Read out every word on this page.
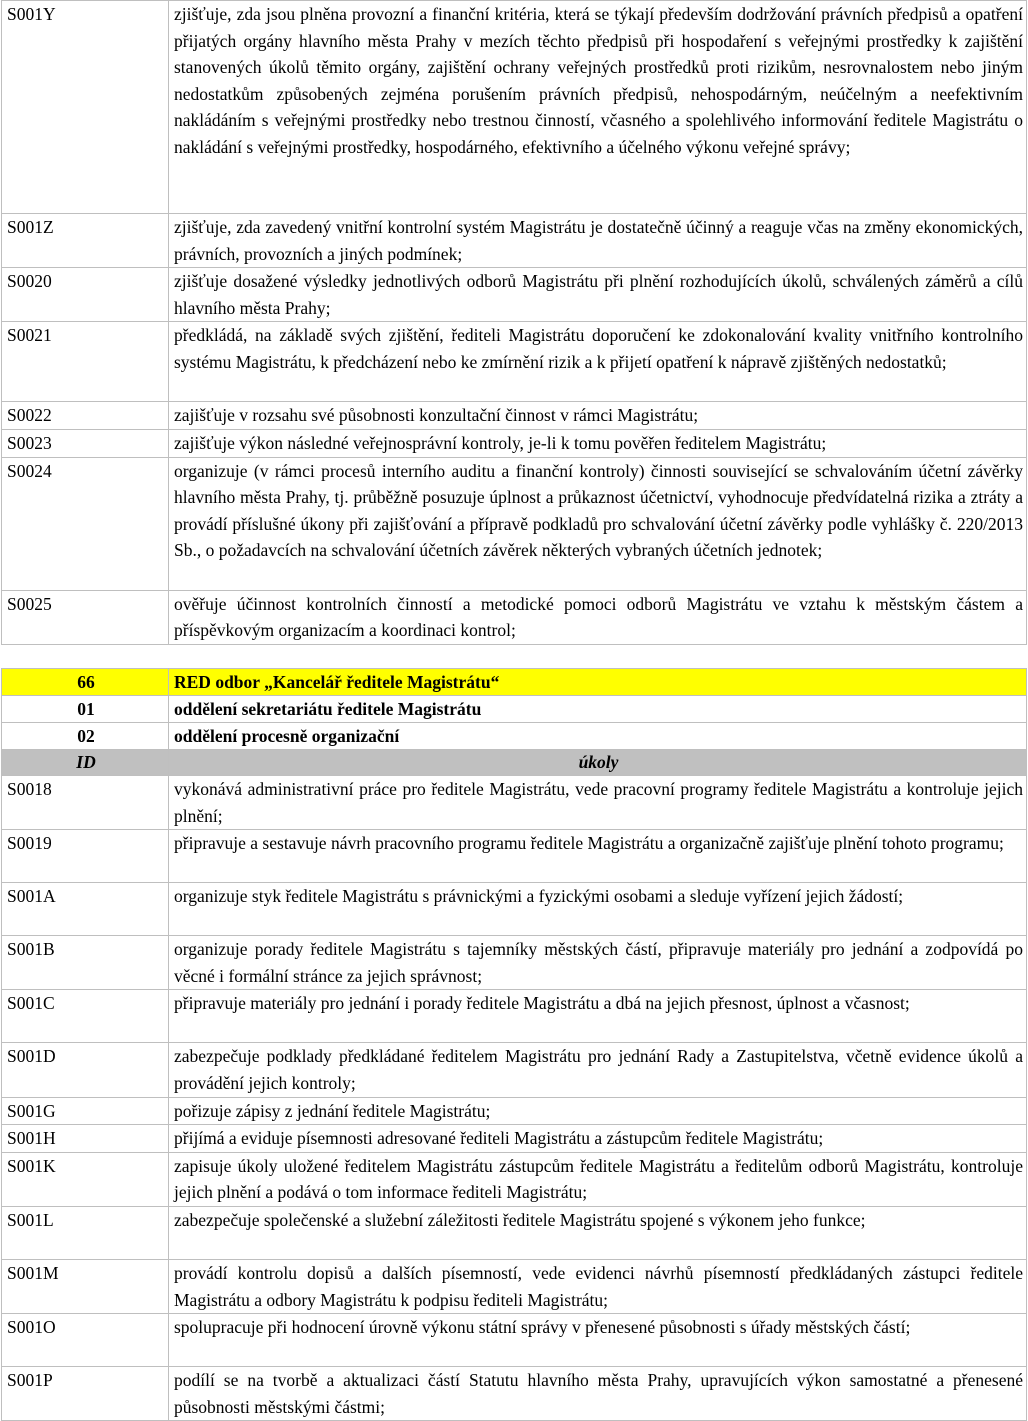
S001Y	zjišťuje, zda jsou plněna provozní a finanční kritéria, která se týkají především dodržování právních předpisů a opatření přijatých orgány hlavního města Prahy v mezích těchto předpisů při hospodaření s veřejnými prostředky k zajištění stanovených úkolů těmito orgány, zajištění ochrany veřejných prostředků proti rizikům, nesrovnalostem nebo jiným nedostatkům způsobených zejména porušením právních předpisů, nehospodárným, neúčelným a neefektivním nakládáním s veřejnými prostředky nebo trestnou činností, včasného a spolehlivého informování ředitele Magistrátu o nakládání s veřejnými prostředky, hospodárného, efektivního a účelného výkonu veřejné správy;
S001Z	zjišťuje, zda zavedený vnitřní kontrolní systém Magistrátu je dostatečně účinný a reaguje včas na změny ekonomických, právních, provozních a jiných podmínek;
S0020	zjišťuje dosažené výsledky jednotlivých odborů Magistrátu při plnění rozhodujících úkolů, schválených záměrů a cílů hlavního města Prahy;
S0021	předkládá, na základě svých zjištění, řediteli Magistrátu doporučení ke zdokonalování kvality vnitřního kontrolního systému Magistrátu, k předcházení nebo ke zmírnění rizik a k přijetí opatření k nápravě zjištěných nedostatků;
S0022	zajišťuje v rozsahu své působnosti konzultační činnost v rámci Magistrátu;
S0023	zajišťuje výkon následné veřejnosprávní kontroly, je-li k tomu pověřen ředitelem Magistrátu;
S0024	organizuje (v rámci procesů interního auditu a finanční kontroly) činnosti související se schvalováním účetní závěrky hlavního města Prahy, tj. průběžně posuzuje úplnost a průkaznost účetnictví, vyhodnocuje předvídatelná rizika a ztráty a provádí příslušné úkony při zajišťování a přípravě podkladů pro schvalování účetní závěrky podle vyhlášky č. 220/2013 Sb., o požadavcích na schvalování účetních závěrek některých vybraných účetních jednotek;
S0025	ověřuje účinnost kontrolních činností a metodické pomoci odborů Magistrátu ve vztahu k městským částem a příspěvkovým organizacím a koordinaci kontrol;
66	RED odbor „Kancelář ředitele Magistrátu“
01	oddělení sekretariátu ředitele Magistrátu
02	oddělení procesně organizační
ID	úkoly
S0018	vykonává administrativní práce pro ředitele Magistrátu, vede pracovní programy ředitele Magistrátu a kontroluje jejich plnění;
S0019	připravuje a sestavuje návrh pracovního programu ředitele Magistrátu a organizačně zajišťuje plnění tohoto programu;
S001A	organizuje styk ředitele Magistrátu s právnickými a fyzickými osobami a sleduje vyřízení jejich žádostí;
S001B	organizuje porady ředitele Magistrátu s tajemníky městských částí, připravuje materiály pro jednání a zodpovídá po věcné i formální stránce za jejich správnost;
S001C	připravuje materiály pro jednání i porady ředitele Magistrátu a dbá na jejich přesnost, úplnost a včasnost;
S001D	zabezpečuje podklady předkládané ředitelem Magistrátu pro jednání Rady a Zastupitelstva, včetně evidence úkolů a provádění jejich kontroly;
S001G	pořizuje zápisy z jednání ředitele Magistrátu;
S001H	přijímá a eviduje písemnosti adresované řediteli Magistrátu a zástupcům ředitele Magistrátu;
S001K	zapisuje úkoly uložené ředitelem Magistrátu zástupcům ředitele Magistrátu a ředitelům odborů Magistrátu, kontroluje jejich plnění a podává o tom informace řediteli Magistrátu;
S001L	zabezpečuje společenské a služební záležitosti ředitele Magistrátu spojené s výkonem jeho funkce;
S001M	provádí kontrolu dopisů a dalších písemností, vede evidenci návrhů písemností předkládaných zástupci ředitele Magistrátu a odbory Magistrátu k podpisu řediteli Magistrátu;
S001O	spolupracuje při hodnocení úrovně výkonu státní správy v přenesené působnosti s úřady městských částí;
S001P	podílí se na tvorbě a aktualizaci částí Statutu hlavního města Prahy, upravujících výkon samostatné a přenesené působnosti městskými částmi;
